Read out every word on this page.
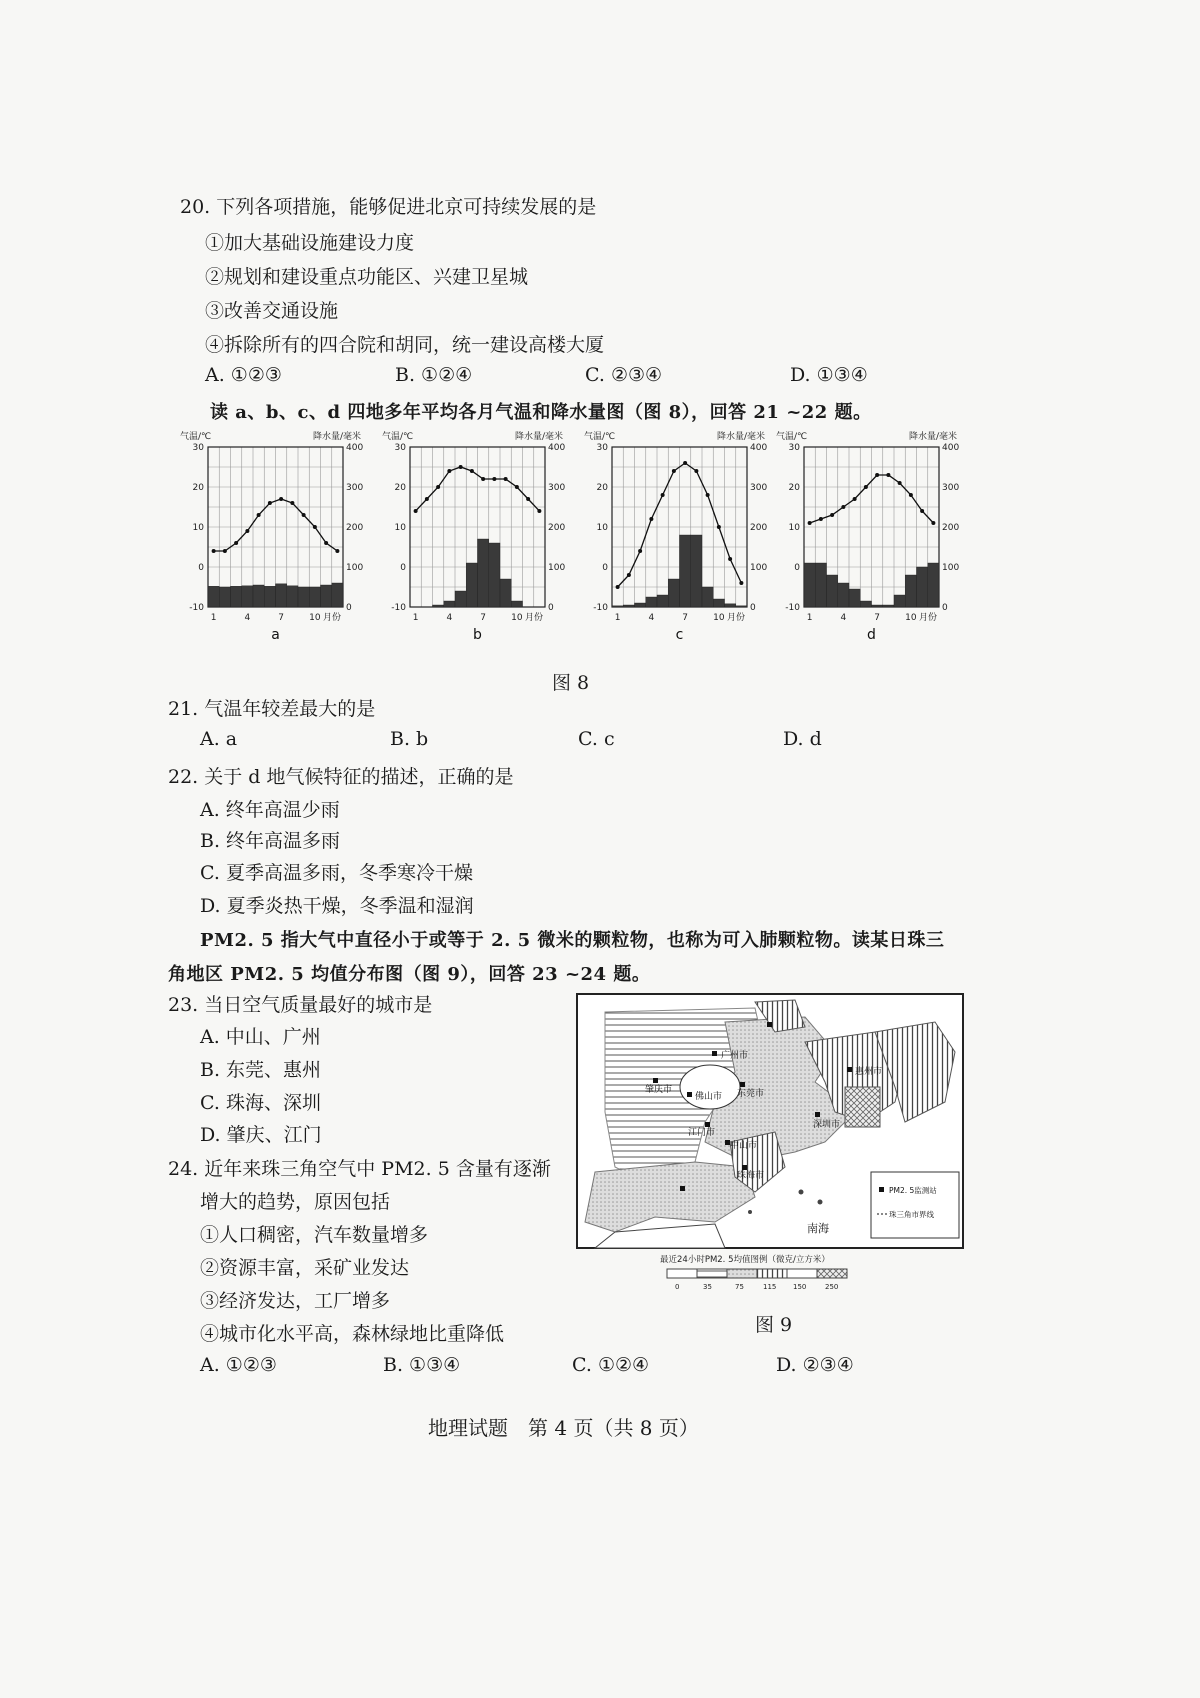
20. 下列各项措施，能够促进北京可持续发展的是
①加大基础设施建设力度
②规划和建设重点功能区、兴建卫星城
③改善交通设施
④拆除所有的四合院和胡同，统一建设高楼大厦
A. ①②③	B. ①②④	C. ②③④	D. ①③④
读 a、b、c、d 四地多年平均各月气温和降水量图（图 8），回答 21 ~22 题。
30
20
10
0
-10
400
300
200
100
0
1	4	7	10 月份
气温/℃	降水量/毫米
a
30
20
10
0
-10
400
300
200
100
0
1	4	7	10 月份
气温/℃	降水量/毫米
b
30
20
10
0
-10
400
300
200
100
0
1	4	7	10 月份
气温/℃	降水量/毫米
c
30
20
10
0
-10
400
300
200
100
0
1	4	7	10 月份
气温/℃	降水量/毫米
d
图 8
21. 气温年较差最大的是
A. a	B. b	C. c	D. d
22. 关于 d 地气候特征的描述，正确的是
A. 终年高温少雨
B. 终年高温多雨
C. 夏季高温多雨，冬季寒冷干燥
D. 夏季炎热干燥，冬季温和湿润
PM2. 5 指大气中直径小于或等于 2. 5 微米的颗粒物，也称为可入肺颗粒物。读某日珠三
角地区 PM2. 5 均值分布图（图 9），回答 23 ~24 题。
23. 当日空气质量最好的城市是
A. 中山、广州
B. 东莞、惠州
C. 珠海、深圳
D. 肇庆、江门
24. 近年来珠三角空气中 PM2. 5 含量有逐渐
增大的趋势，原因包括
①人口稠密，汽车数量增多
②资源丰富，采矿业发达
③经济发达，工厂增多
④城市化水平高，森林绿地比重降低
A. ①②③	B. ①③④	C. ①②④	D. ②③④
广州市
惠州市
肇庆市
佛山市 东莞市
深圳市
江门市
中山市
珠海市
南海
PM2. 5监测站
珠三角市界线
最近24小时PM2. 5均值图例（微克/立方米）
0	35	75	115 150	250
图 9
地理试题　第 4 页（共 8 页）
